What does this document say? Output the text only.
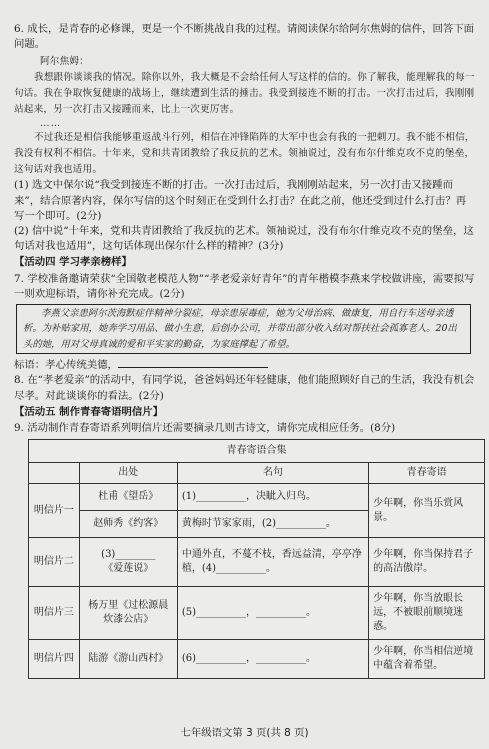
6. 成长，是青春的必修课，更是一个不断挑战自我的过程。请阅读保尔给阿尔焦姆的信件，回答下面问题。

阿尔焦姆：

我想跟你谈谈我的情况。除你以外，我大概是不会给任何人写这样的信的。你了解我，能理解我的每一句话。我在争取恢复健康的战场上，继续遭到生活的捶击。我受到接连不断的打击。一次打击过后，我刚刚站起来，另一次打击又接踵而来，比上一次更厉害。

……

不过我还是相信我能够重返战斗行列，相信在冲锋陷阵的大军中也会有我的一把刺刀。我不能不相信，我没有权利不相信。十年来，党和共青团教给了我反抗的艺术。领袖说过，没有布尔什维克攻不克的堡垒，这句话对我也适用。

(1) 选文中保尔说“我受到接连不断的打击。一次打击过后，我刚刚站起来，另一次打击又接踵而来”，结合原著内容，保尔写信的这个时刻正在受到什么打击？在此之前，他还受到过什么打击？再写一个即可。(2分)

(2) 信中说“十年来，党和共青团教给了我反抗的艺术。领袖说过，没有布尔什维克攻不克的堡垒，这句话对我也适用”，这句话体现出保尔什么样的精神？(3分)

【活动四 学习孝亲榜样】

7. 学校准备邀请荣获“全国敬老模范人物”“孝老爱亲好青年”的青年楷模李燕来学校做讲座，需要拟写一则欢迎标语，请你补充完成。(2分)

李燕父亲患阿尔茨海默症伴精神分裂症，母亲患尿毒症，她为父母治病、做康复，用自行车送母亲透析。为补贴家用，她奔学习用品、做小生意，后创办公司，并带出部分收入结对帮扶社会孤寡老人。20出头的她，用对父母真诚的爱和平实家的勤奋，为家庭撑起了希望。

标语：孝心传统美德，

8. 在“孝老爱亲”的活动中，有同学说，爸爸妈妈还年轻健康，他们能照顾好自己的生活，我没有机会尽孝。对此谈谈你的看法。(2分)

【活动五 制作青春寄语明信片】

9. 活动制作青春寄语系列明信片还需要摘录几则古诗文，请你完成相应任务。(8分)

青春寄语合集			
	出处	名句	青春寄语
明信片一	杜甫《望岳》	(1)__________，决眦入归鸟。	少年啊，你当乐赏风景。
	赵师秀《约客》	黄梅时节家家雨，(2)__________。	
明信片二	(3)________
《爱莲说》	中通外直，不蔓不枝，香远益清，亭亭净植，(4)__________。	少年啊，你当保持君子的高洁傲岸。
明信片三	杨万里《过松源晨炊漆公店》	(5)__________，__________。	少年啊，你当放眼长远，不被眼前顺境迷惑。
明信片四	陆游《游山西村》	(6)__________，__________。	少年啊，你当相信逆境中蕴含着希望。
七年级语文第 3 页(共 8 页)
